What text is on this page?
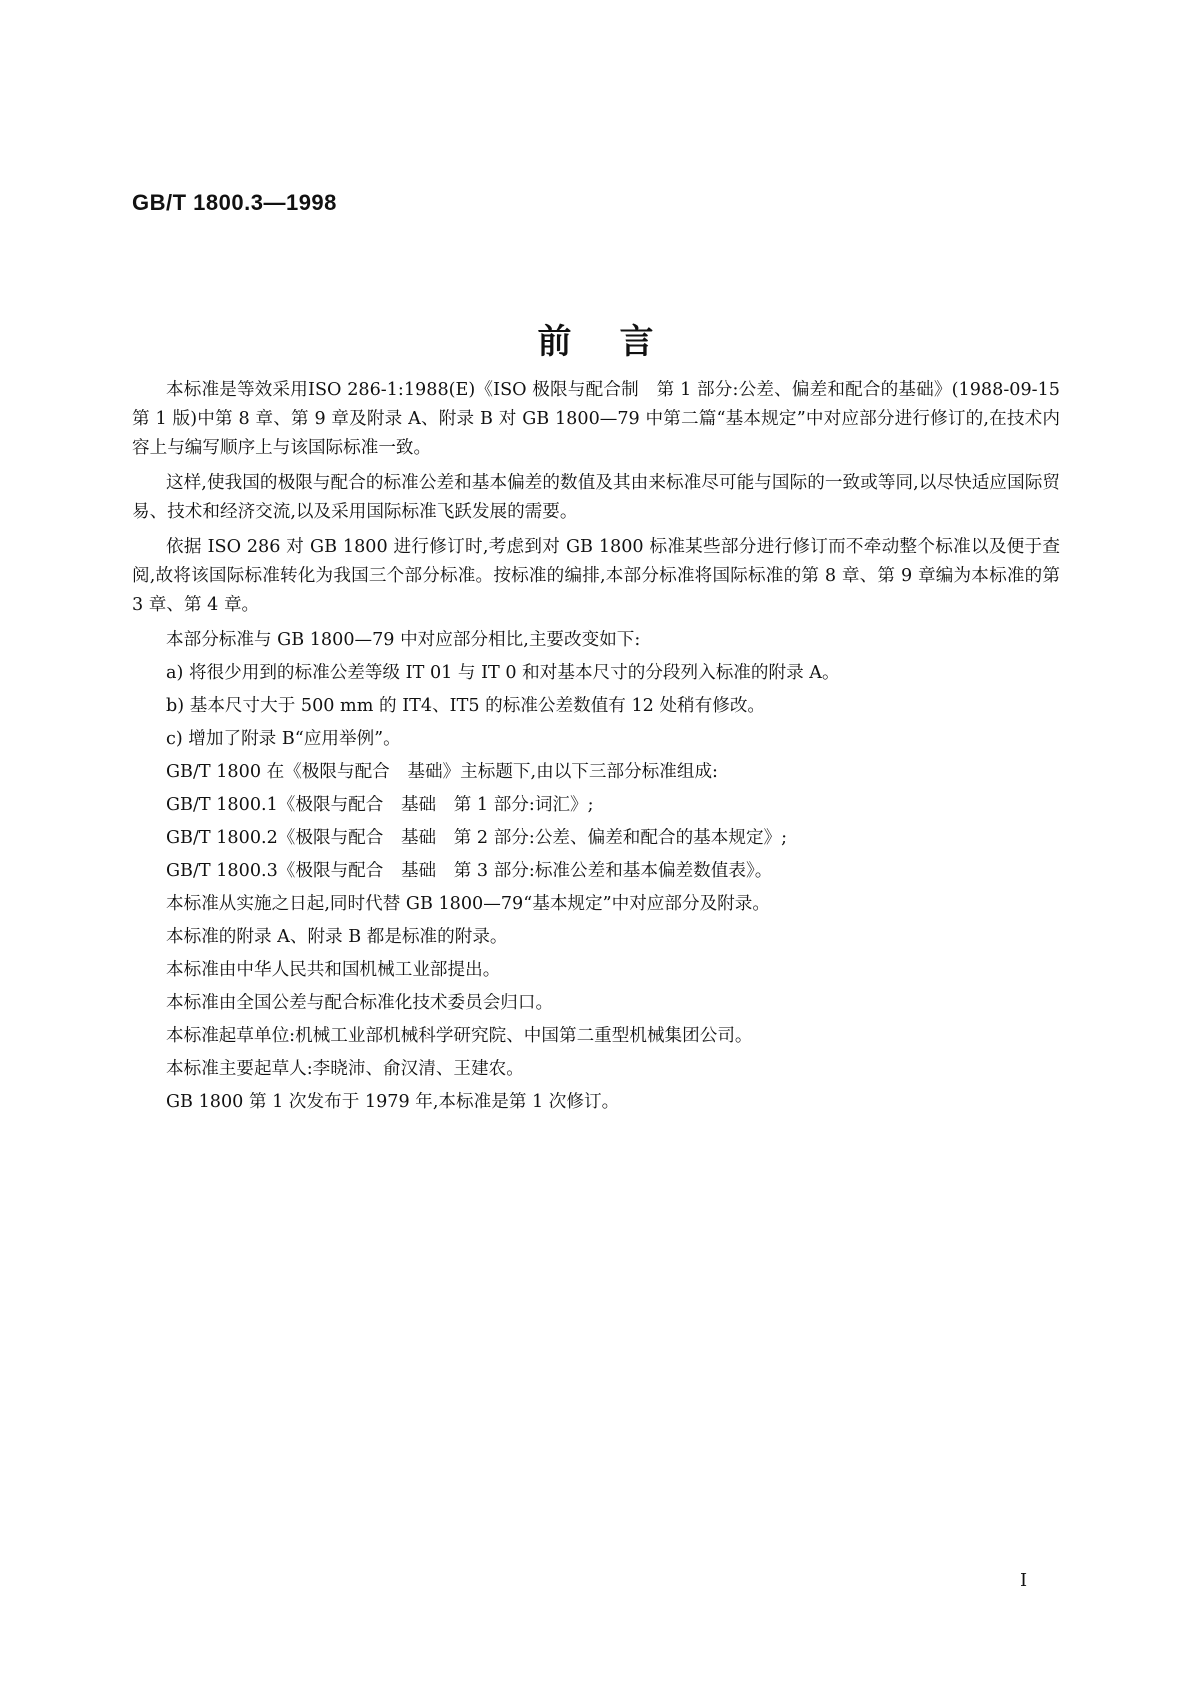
GB/T 1800.3—1998
前言

本标准是等效采用ISO 286-1:1988(E)《ISO 极限与配合制　第 1 部分:公差、偏差和配合的基础》(1988-09-15 第 1 版)中第 8 章、第 9 章及附录 A、附录 B 对 GB 1800—79 中第二篇“基本规定”中对应部分进行修订的,在技术内容上与编写顺序上与该国际标准一致。

这样,使我国的极限与配合的标准公差和基本偏差的数值及其由来标准尽可能与国际的一致或等同,以尽快适应国际贸易、技术和经济交流,以及采用国际标准飞跃发展的需要。

依据 ISO 286 对 GB 1800 进行修订时,考虑到对 GB 1800 标准某些部分进行修订而不牵动整个标准以及便于查阅,故将该国际标准转化为我国三个部分标准。按标准的编排,本部分标准将国际标准的第 8 章、第 9 章编为本标准的第 3 章、第 4 章。

本部分标准与 GB 1800—79 中对应部分相比,主要改变如下:

a) 将很少用到的标准公差等级 IT 01 与 IT 0 和对基本尺寸的分段列入标准的附录 A。

b) 基本尺寸大于 500 mm 的 IT4、IT5 的标准公差数值有 12 处稍有修改。

c) 增加了附录 B“应用举例”。

GB/T 1800 在《极限与配合　基础》主标题下,由以下三部分标准组成:

GB/T 1800.1《极限与配合　基础　第 1 部分:词汇》;

GB/T 1800.2《极限与配合　基础　第 2 部分:公差、偏差和配合的基本规定》;

GB/T 1800.3《极限与配合　基础　第 3 部分:标准公差和基本偏差数值表》。

本标准从实施之日起,同时代替 GB 1800—79“基本规定”中对应部分及附录。

本标准的附录 A、附录 B 都是标准的附录。

本标准由中华人民共和国机械工业部提出。

本标准由全国公差与配合标准化技术委员会归口。

本标准起草单位:机械工业部机械科学研究院、中国第二重型机械集团公司。

本标准主要起草人:李晓沛、俞汉清、王建农。

GB 1800 第 1 次发布于 1979 年,本标准是第 1 次修订。

I
